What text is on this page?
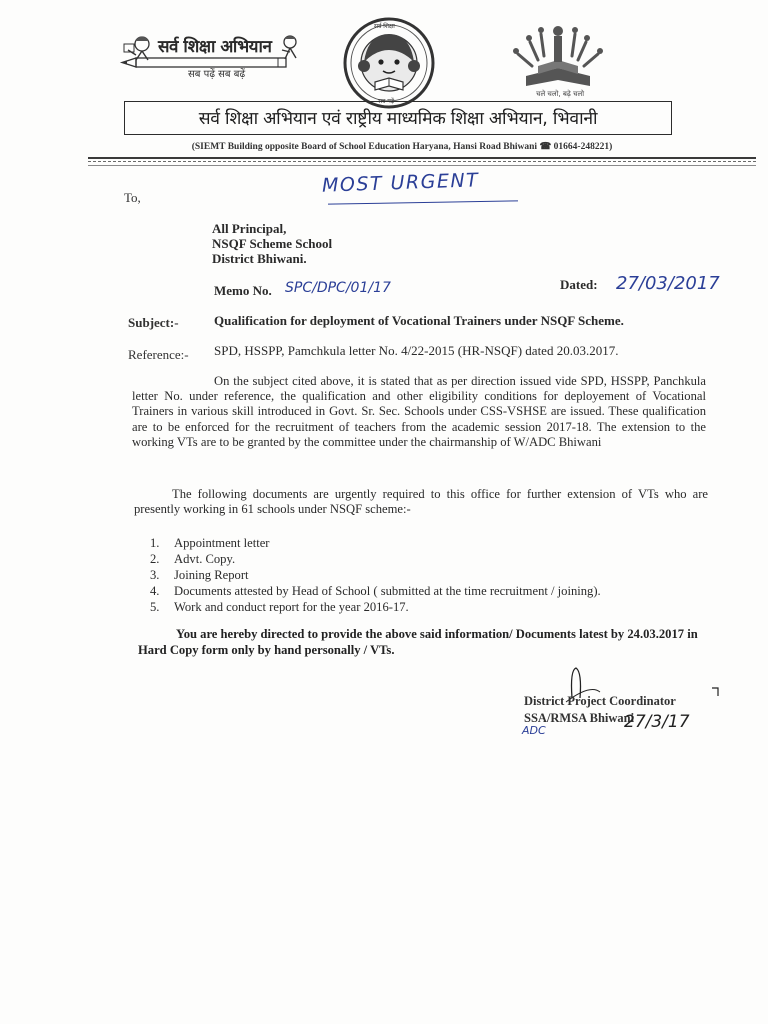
सर्व शिक्षा अभियान
सब पढ़ें सब बढ़ें
सर्व शिक्षा
सब पढ़ें
चले चलो, बढ़े चलो
सर्व शिक्षा अभियान एवं राष्ट्रीय माध्यमिक शिक्षा अभियान, भिवानी
(SIEMT Building opposite Board of School Education Haryana, Hansi Road Bhiwani ☎ 01664-248221)
MOST URGENT
To,
All Principal,
NSQF Scheme School
District Bhiwani.
Memo No. SPC/DPC/01/17	Dated: 27/03/2017
Subject:-	Qualification for deployment of Vocational Trainers under NSQF Scheme.
Reference:- SPD, HSSPP, Pamchkula letter No. 4/22-2015 (HR-NSQF) dated 20.03.2017.
On the subject cited above, it is stated that as per direction issued vide SPD, HSSPP, Panchkula letter No. under reference, the qualification and other eligibility conditions for deployement of Vocational Trainers in various skill introduced in Govt. Sr. Sec. Schools under CSS-VSHSE are issued. These qualification are to be enforced for the recruitment of teachers from the academic session 2017-18. The extension to the working VTs are to be granted by the committee under the chairmanship of W/ADC Bhiwani
The following documents are urgently required to this office for further extension of VTs who are presently working in 61 schools under NSQF scheme:-
1. Appointment letter
2. Advt. Copy.
3. Joining Report
4. Documents attested by Head of School ( submitted at the time recruitment / joining).
5. Work and conduct report for the year 2016-17.
You are hereby directed to provide the above said information/ Documents latest by 24.03.2017 in Hard Copy form only by hand personally / VTs.
District Project Coordinator
SSA/RMSA Bhiwani
27/3/17
ADC
